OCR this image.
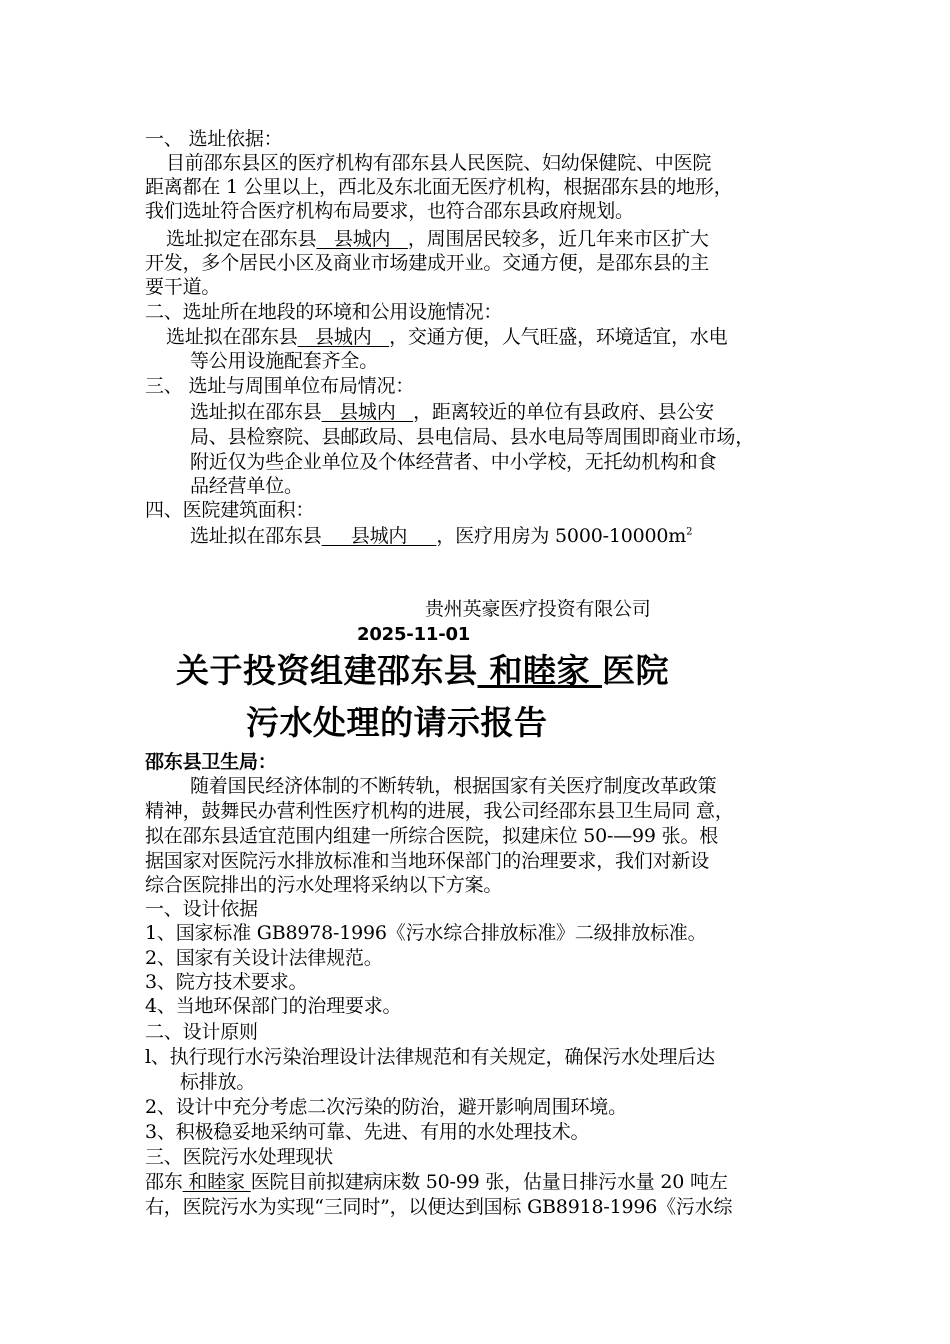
一、 选址依据：
目前邵东县区的医疗机构有邵东县人民医院、妇幼保健院、中医院
距离都在 1 公里以上，西北及东北面无医疗机构，根据邵东县的地形，
我们选址符合医疗机构布局要求，也符合邵东县政府规划。
选址拟定在邵东县   县城内   ，周围居民较多，近几年来市区扩大
开发，多个居民小区及商业市场建成开业。交通方便，是邵东县的主
要干道。
二、选址所在地段的环境和公用设施情况：
选址拟在邵东县   县城内   ，交通方便，人气旺盛，环境适宜，水电
等公用设施配套齐全。
三、 选址与周围单位布局情况：
选址拟在邵东县   县城内   ，距离较近的单位有县政府、县公安
局、县检察院、县邮政局、县电信局、县水电局等周围即商业市场，
附近仅为些企业单位及个体经营者、中小学校，无托幼机构和食
品经营单位。
四、医院建筑面积：
选址拟在邵东县     县城内     ，医疗用房为 $5000-10000m^2$
贵州英豪医疗投资有限公司
2025-11-01
关于投资组建邵东县 和睦家 医院
污水处理的请示报告
邵东县卫生局：
随着国民经济体制的不断转轨，根据国家有关医疗制度改革政策
精神，鼓舞民办营利性医疗机构的进展，我公司经邵东县卫生局同 意，
拟在邵东县适宜范围内组建一所综合医院，拟建床位 50-—99 张。根
据国家对医院污水排放标准和当地环保部门的治理要求，我们对新设
综合医院排出的污水处理将采纳以下方案。
一、设计依据
1、国家标准 GB8978-1996《污水综合排放标准》二级排放标准。
2、国家有关设计法律规范。
3、院方技术要求。
4、当地环保部门的治理要求。
二、设计原则
l、执行现行水污染治理设计法律规范和有关规定，确保污水处理后达
标排放。
2、设计中充分考虑二次污染的防治，避开影响周围环境。
3、积极稳妥地采纳可靠、先进、有用的水处理技术。
三、医院污水处理现状
邵东 和睦家 医院目前拟建病床数 50-99 张，估量日排污水量 20 吨左
右，医院污水为实现“三同时”，以便达到国标 GB8918-1996《污水综
